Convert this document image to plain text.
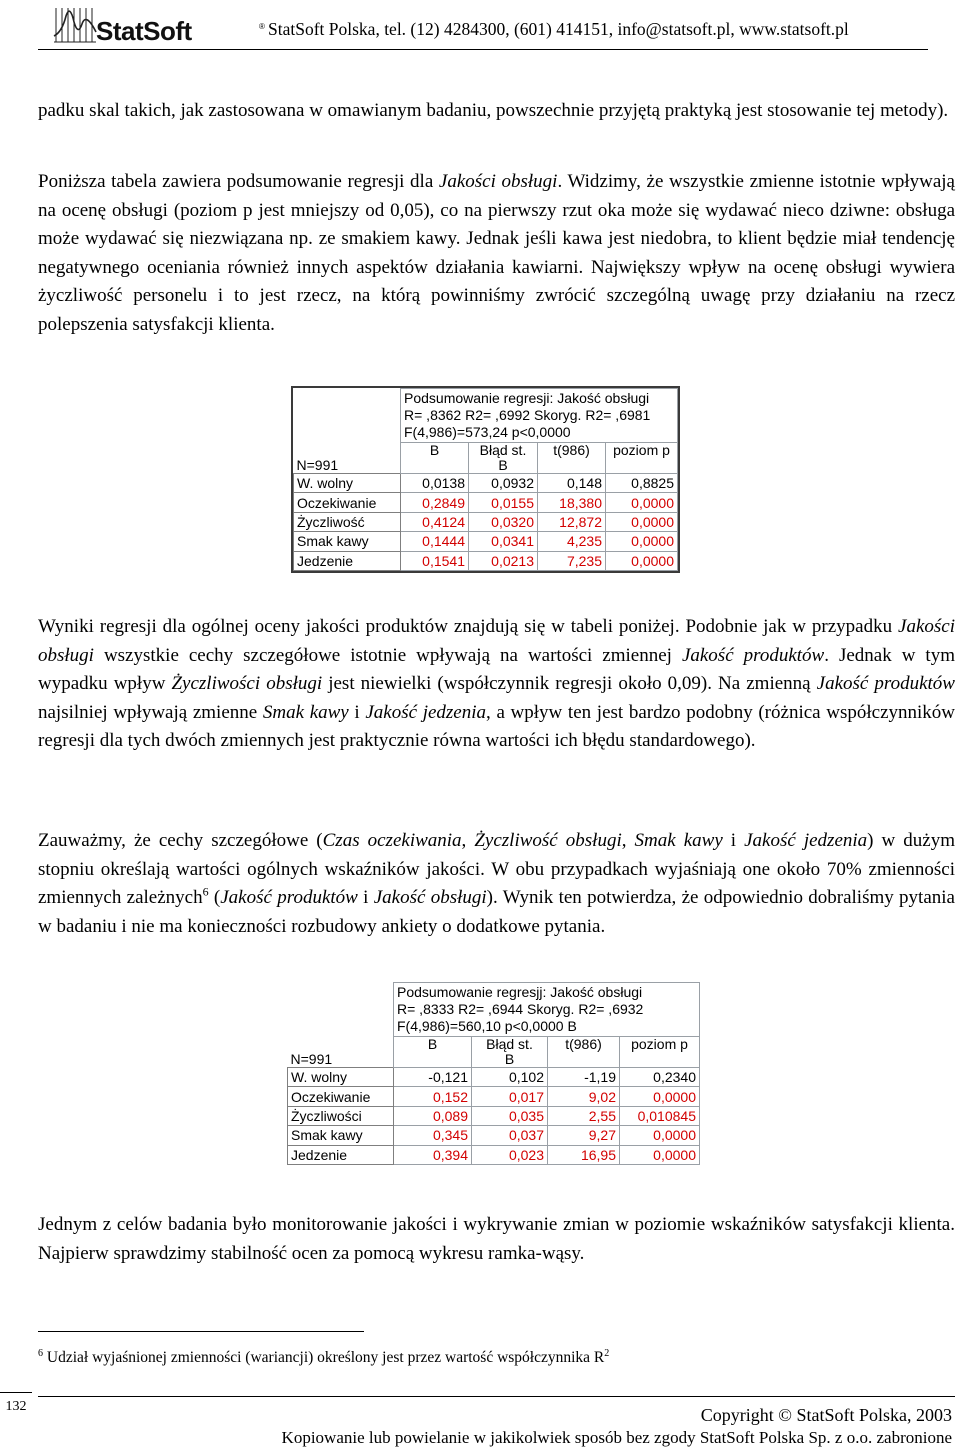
StatSoft	® StatSoft Polska, tel. (12) 4284300, (601) 414151, info@statsoft.pl, www.statsoft.pl

padku skal takich, jak zastosowana w omawianym badaniu, powszechnie przyjętą praktyką jest stosowanie tej metody).

Poniższa tabela zawiera podsumowanie regresji dla Jakości obsługi. Widzimy, że wszystkie zmienne istotnie wpływają na ocenę obsługi (poziom p jest mniejszy od 0,05), co na pierwszy rzut oka może się wydawać nieco dziwne: obsługa może wydawać się niezwiązana np. ze smakiem kawy. Jednak jeśli kawa jest niedobra, to klient będzie miał tendencję negatywnego oceniania również innych aspektów działania kawiarni. Największy wpływ na ocenę obsługi wywiera życzliwość personelu i to jest rzecz, na którą powinniśmy zwrócić szczególną uwagę przy działaniu na rzecz polepszenia satysfakcji klienta.

	Podsumowanie regresji: Jakość obsługi
R= ,8362 R2= ,6992 Skoryg. R2= ,6981
F(4,986)=573,24 p<0,0000			

N=991	B	Błąd st.
B	t(986)	poziom p

W. wolny	0,0138	0,0932	0,148	0,8825
Oczekiwanie	0,2849	0,0155	18,380	0,0000
Życzliwość	0,4124	0,0320	12,872	0,0000
Smak kawy	0,1444	0,0341	4,235	0,0000
Jedzenie	0,1541	0,0213	7,235	0,0000

Wyniki regresji dla ogólnej oceny jakości produktów znajdują się w tabeli poniżej. Podobnie jak w przypadku Jakości obsługi wszystkie cechy szczegółowe istotnie wpływają na wartości zmiennej Jakość produktów. Jednak w tym wypadku wpływ Życzliwości obsługi jest niewielki (współczynnik regresji około 0,09). Na zmienną Jakość produktów najsilniej wpływają zmienne Smak kawy i Jakość jedzenia, a wpływ ten jest bardzo podobny (różnica współczynników regresji dla tych dwóch zmiennych jest praktycznie równa wartości ich błędu standardowego).

Zauważmy, że cechy szczegółowe (Czas oczekiwania, Życzliwość obsługi, Smak kawy i Jakość jedzenia) w dużym stopniu określają wartości ogólnych wskaźników jakości. W obu przypadkach wyjaśniają one około 70% zmienności zmiennych zależnych$^6$ (Jakość produktów i Jakość obsługi). Wynik ten potwierdza, że odpowiednio dobraliśmy pytania w badaniu i nie ma konieczności rozbudowy ankiety o dodatkowe pytania.

	Podsumowanie regresjj: Jakość obsługi
R= ,8333 R2= ,6944 Skoryg. R2= ,6932
F(4,986)=560,10 p<0,0000 B			

N=991	B	Błąd st.
B	t(986)	poziom p

W. wolny	-0,121	0,102	-1,19	0,2340
Oczekiwanie	0,152	0,017	9,02	0,0000
Życzliwości	0,089	0,035	2,55	0,010845
Smak kawy	0,345	0,037	9,27	0,0000
Jedzenie	0,394	0,023	16,95	0,0000

Jednym z celów badania było monitorowanie jakości i wykrywanie zmian w poziomie wskaźników satysfakcji klienta. Najpierw sprawdzimy stabilność ocen za pomocą wykresu ramka-wąsy.

$^6$ Udział wyjaśnionej zmienności (wariancji) określony jest przez wartość współczynnika $R^2$
132	Copyright © StatSoft Polska, 2003
Kopiowanie lub powielanie w jakikolwiek sposób bez zgody StatSoft Polska Sp. z o.o. zabronione
